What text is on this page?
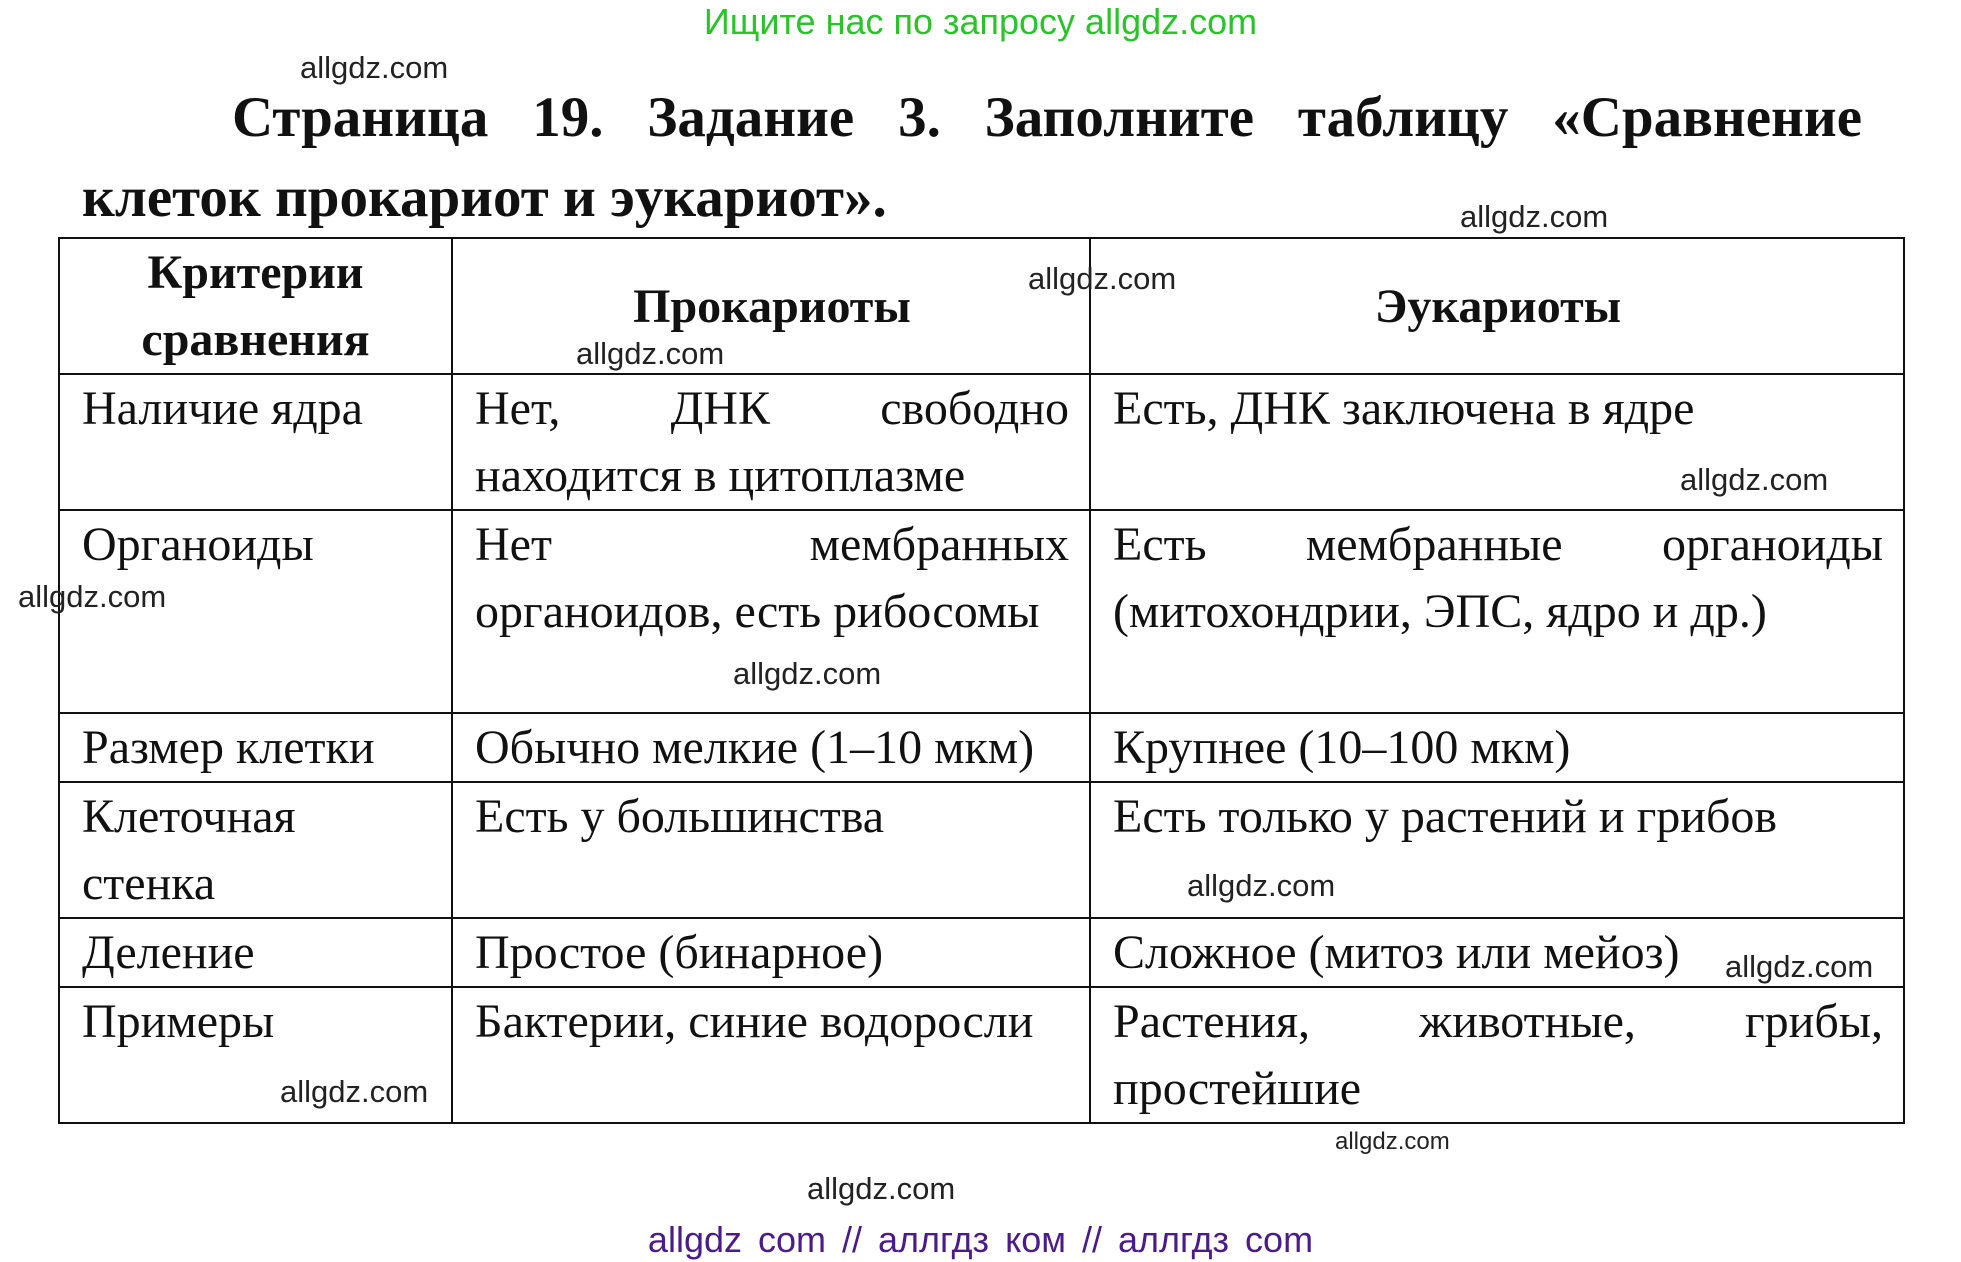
Ищите нас по запросу allgdz.com
Страница 19. Задание 3. Заполните таблицу «Сравнение клеток прокариот и эукариот».
Критерии сравнения	Прокариоты	Эукариоты
Наличие ядра	Нет, ДНК свободно находится в цитоплазме	Есть, ДНК заключена в ядре
Органоиды	Нет мембранных органоидов, есть рибосомы	Есть мембранные органоиды (митохондрии, ЭПС, ядро и др.)
Размер клетки	Обычно мелкие (1–10 мкм)	Крупнее (10–100 мкм)
Клеточная стенка	Есть у большинства	Есть только у растений и грибов
Деление	Простое (бинарное)	Сложное (митоз или мейоз)
Примеры	Бактерии, синие водоросли	Растения, животные, грибы, простейшие
allgdz.com
allgdz.com
allgdz.com
allgdz.com
allgdz.com
allgdz.com
allgdz.com
allgdz.com
allgdz.com
allgdz.com
allgdz.com
allgdz.com
allgdz com // аллгдз ком // аллгдз com
